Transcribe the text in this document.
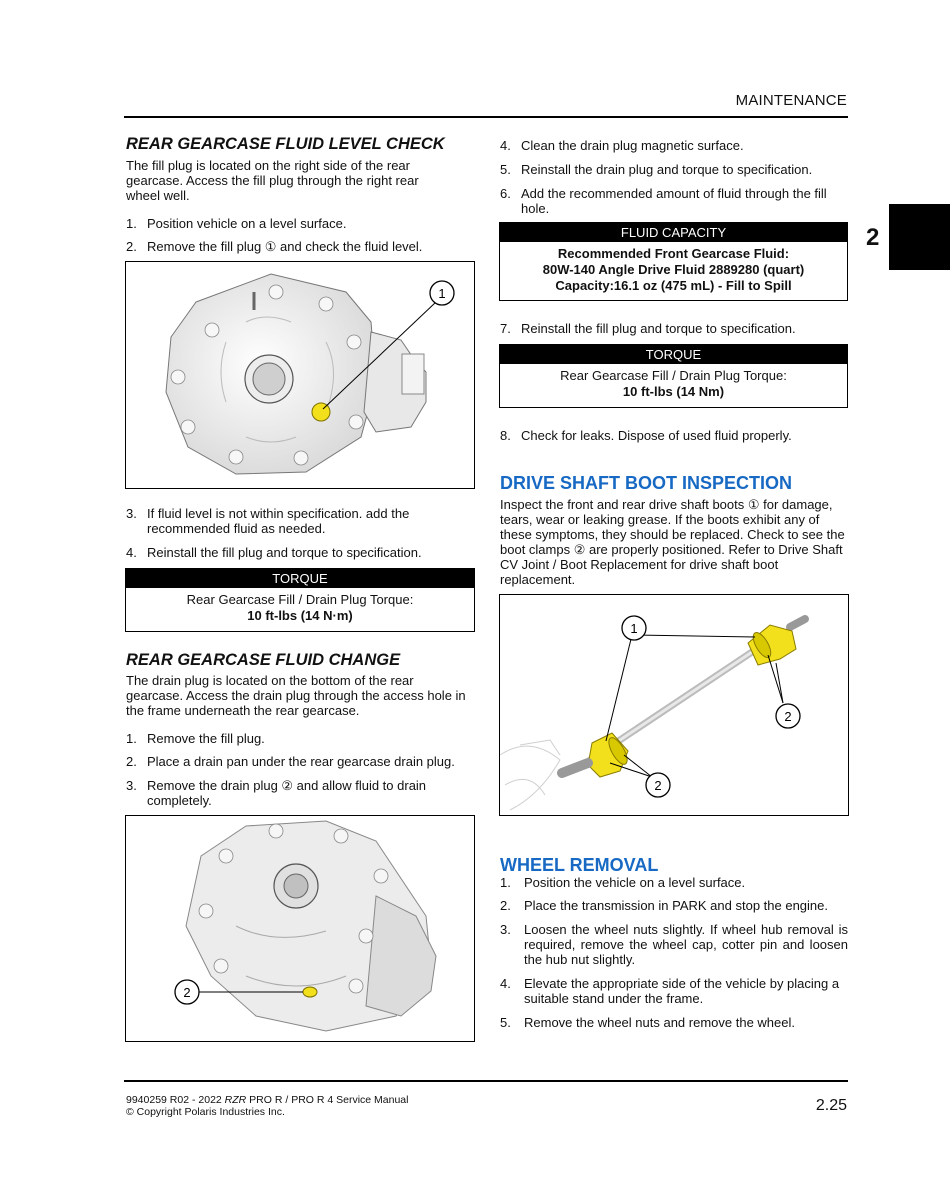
MAINTENANCE
2
REAR GEARCASE FLUID LEVEL CHECK
The fill plug is located on the right side of the rear gearcase. Access the fill plug through the right rear wheel well.
1. Position vehicle on a level surface.
2. Remove the fill plug ① and check the fluid level.
1
3. If fluid level is not within specification. add the recommended fluid as needed.
4. Reinstall the fill plug and torque to specification.
TORQUE
Rear Gearcase Fill / Drain Plug Torque:
10 ft-lbs (14 N·m)
REAR GEARCASE FLUID CHANGE
The drain plug is located on the bottom of the rear gearcase. Access the drain plug through the access hole in the frame underneath the rear gearcase.
1. Remove the fill plug.
2. Place a drain pan under the rear gearcase drain plug.
3. Remove the drain plug ② and allow fluid to drain completely.
2
4. Clean the drain plug magnetic surface.
5. Reinstall the drain plug and torque to specification.
6. Add the recommended amount of fluid through the fill hole.
FLUID CAPACITY
Recommended Front Gearcase Fluid:
80W-140 Angle Drive Fluid 2889280 (quart)
Capacity:16.1 oz (475 mL) - Fill to Spill
7. Reinstall the fill plug and torque to specification.
TORQUE
Rear Gearcase Fill / Drain Plug Torque:
10 ft-lbs (14 Nm)
8. Check for leaks. Dispose of used fluid properly.
DRIVE SHAFT BOOT INSPECTION
Inspect the front and rear drive shaft boots ① for damage, tears, wear or leaking grease. If the boots exhibit any of these symptoms, they should be replaced. Check to see the boot clamps ② are properly positioned. Refer to Drive Shaft CV Joint / Boot Replacement for drive shaft boot replacement.
1
2
2
WHEEL REMOVAL
1.	Position the vehicle on a level surface.
2.	Place the transmission in PARK and stop the engine.
3.	Loosen the wheel nuts slightly. If wheel hub removal is required, remove the wheel cap, cotter pin and loosen the hub nut slightly.
4.	Elevate the appropriate side of the vehicle by placing a suitable stand under the frame.
5.	Remove the wheel nuts and remove the wheel.
9940259 R02 - 2022 RZR PRO R / PRO R 4 Service Manual
© Copyright Polaris Industries Inc.	2.25
